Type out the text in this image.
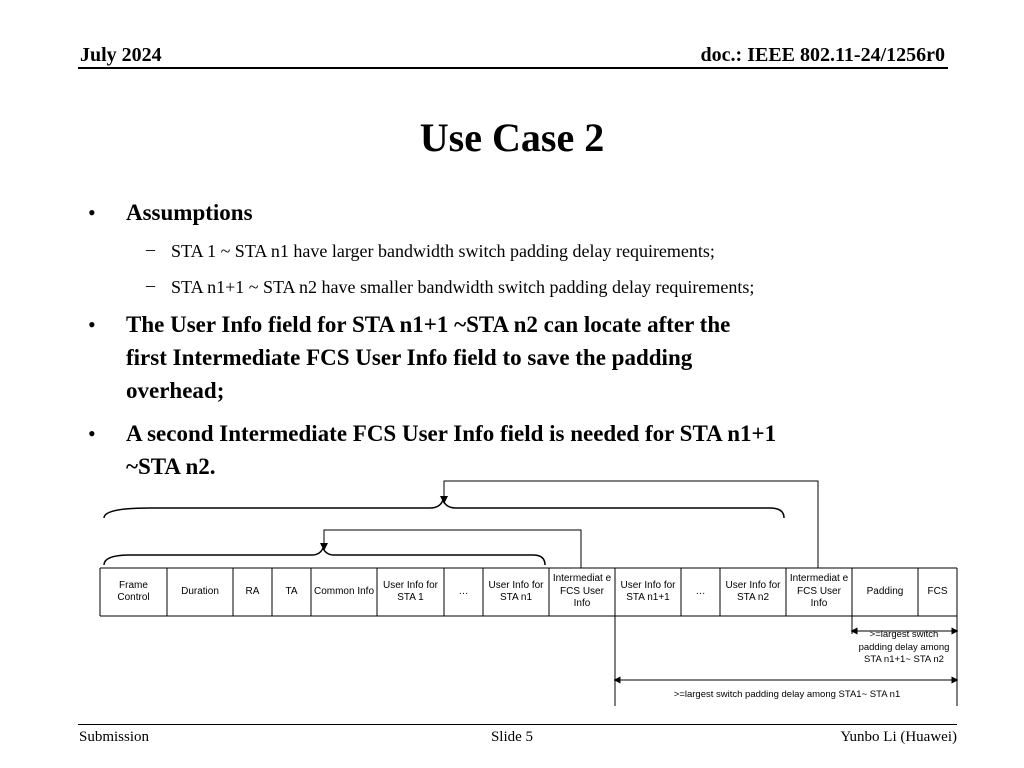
July 2024	doc.: IEEE 802.11-24/1256r0
Use Case 2
• Assumptions
– STA 1 ~ STA n1 have larger bandwidth switch padding delay requirements;
– STA n1+1 ~ STA n2 have smaller bandwidth switch padding delay requirements;
• The User Info field for STA n1+1 ~STA n2 can locate after the
first Intermediate FCS User Info field to save the padding
overhead;
• A second Intermediate FCS User Info field is needed for STA n1+1
~STA n2.
Frame Control
Duration	RA	TA	Common Info
User Info for STA 1
…
User Info for STA n1
Intermediat e FCS User Info
User Info for STA n1+1
…
User Info for STA n2
Intermediat e FCS User Info
Padding	FCS
>=largest switch padding delay among STA n1+1~ STA n2
>=largest switch padding delay among STA1~ STA n1
Submission	Slide 5	Yunbo Li (Huawei)
